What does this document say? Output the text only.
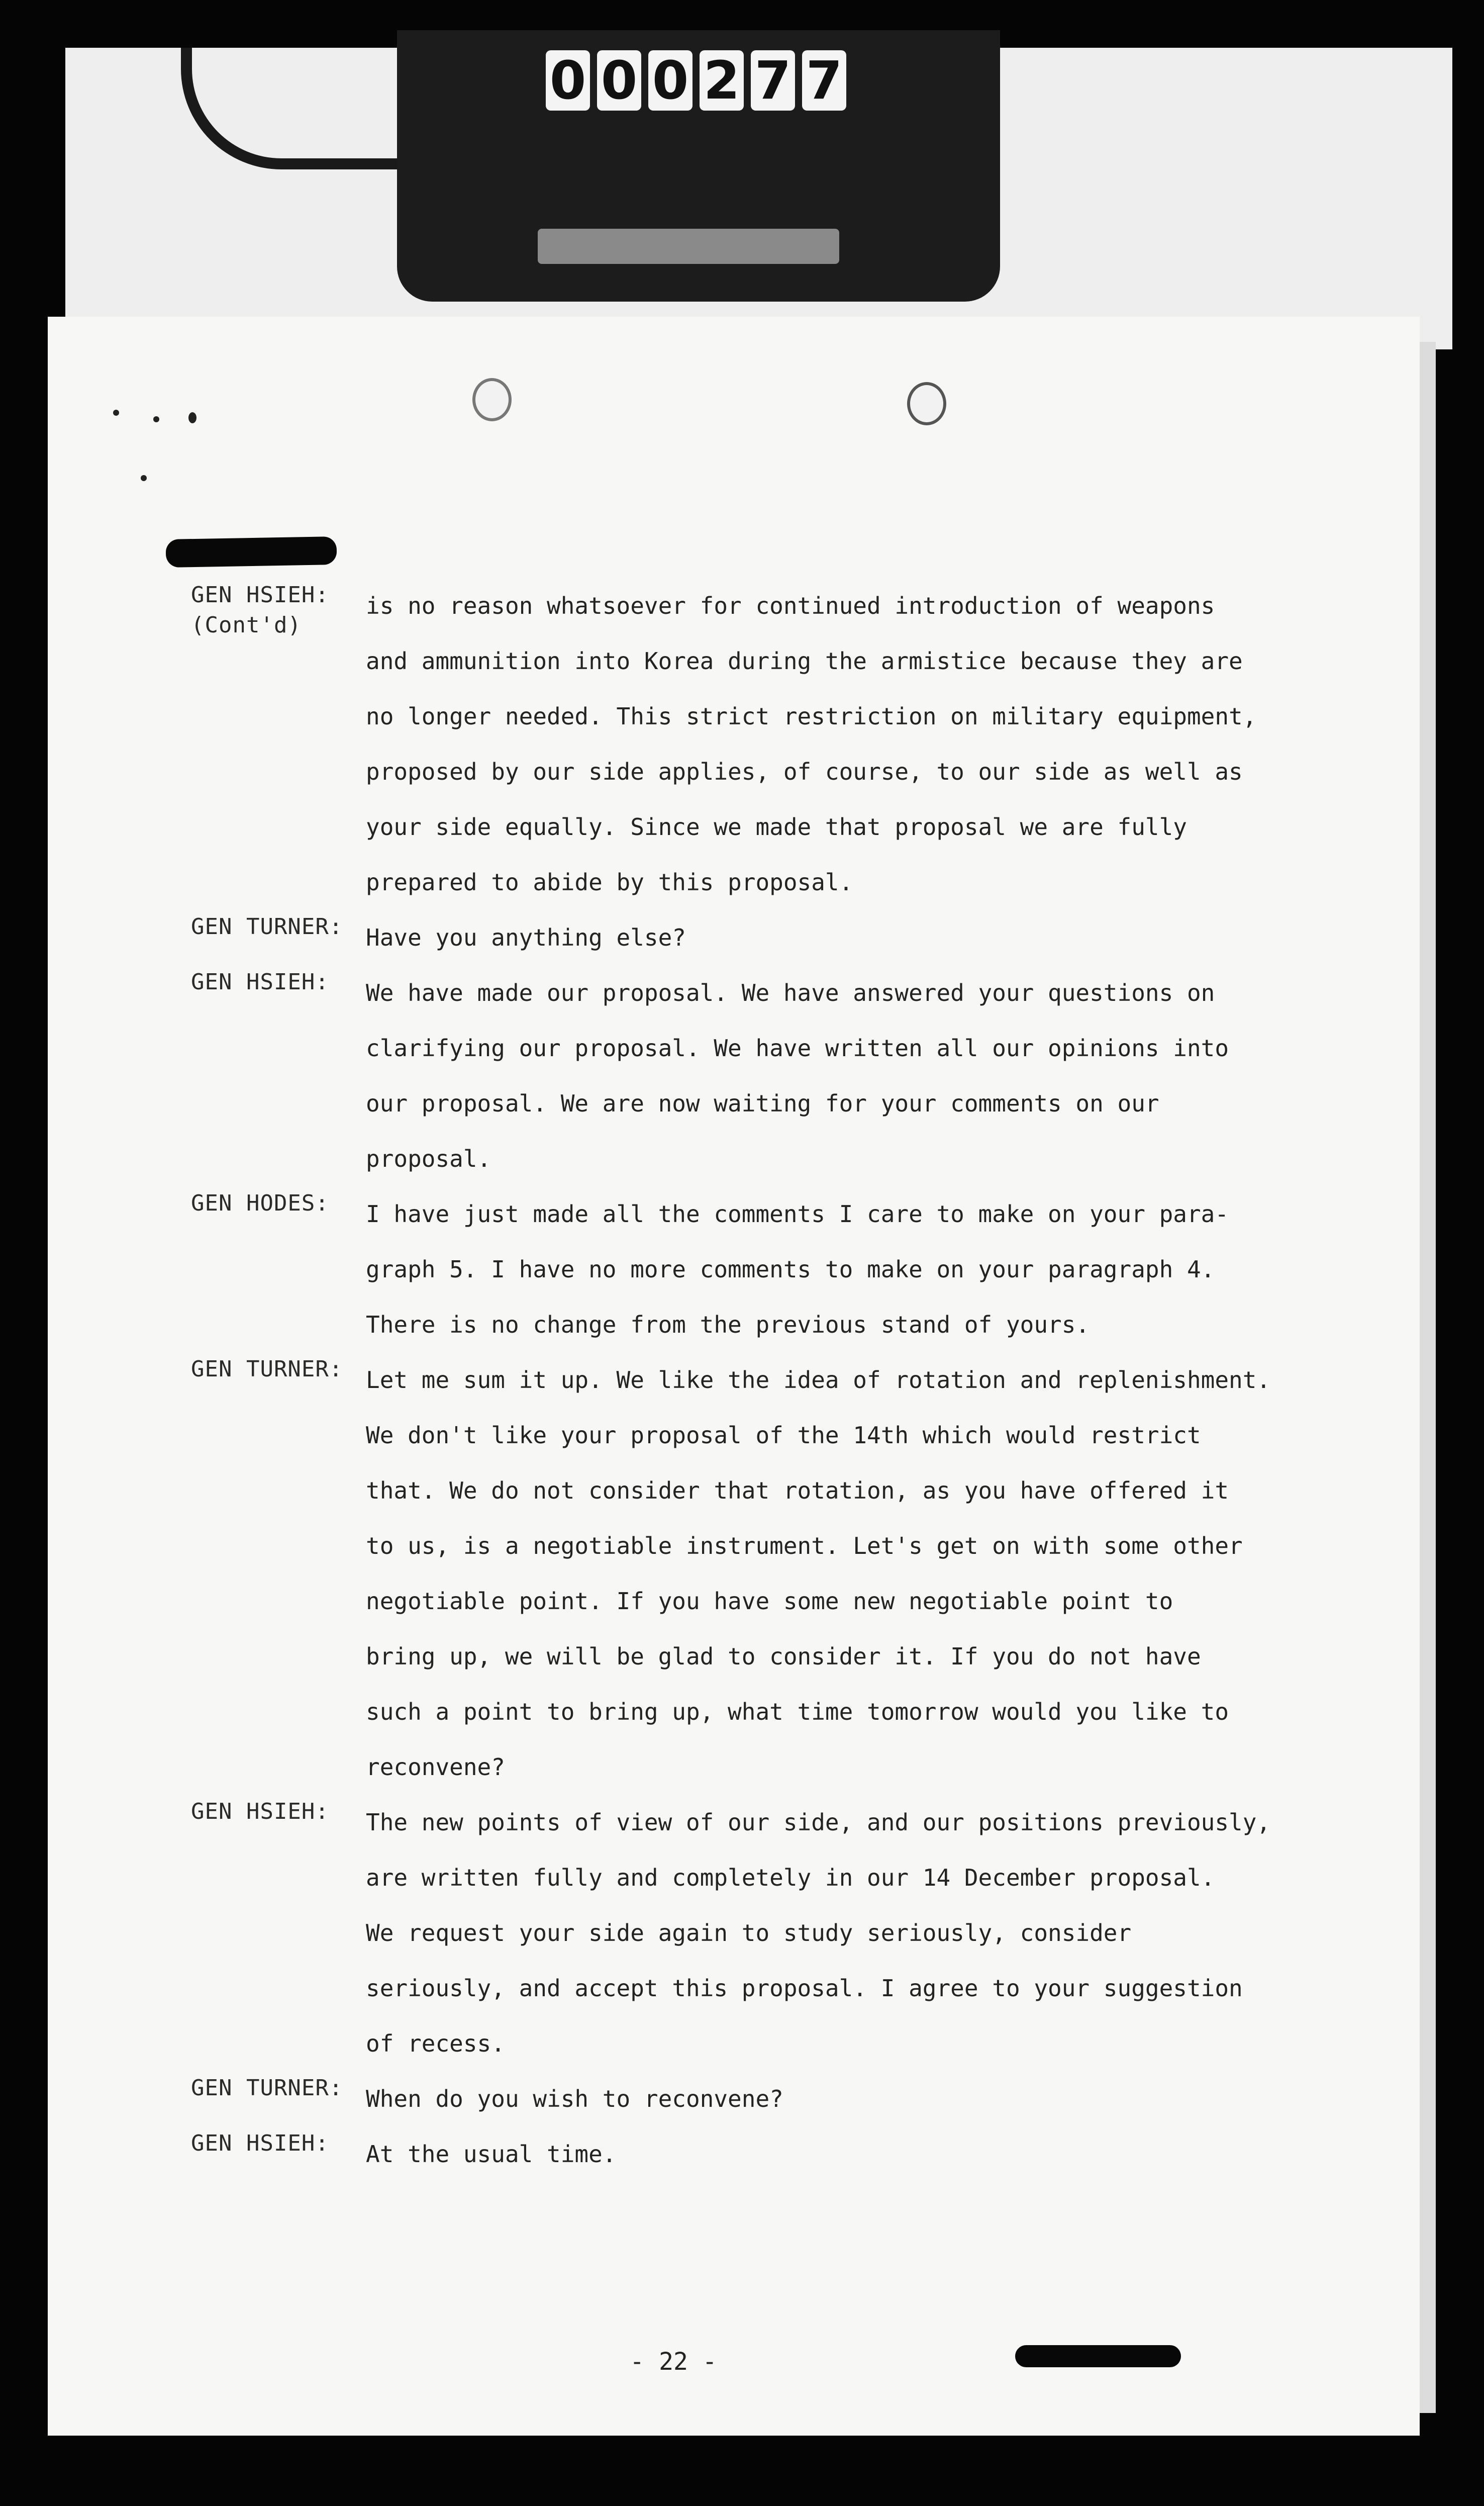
0 0 0 2 7 7
GEN HSIEH:
(Cont'd)
is no reason whatsoever for continued introduction of weapons
and ammunition into Korea during the armistice because they are
no longer needed. This strict restriction on military equipment,
proposed by our side applies, of course, to our side as well as
your side equally. Since we made that proposal we are fully
prepared to abide by this proposal.
GEN TURNER: Have you anything else?
GEN HSIEH:	We have made our proposal. We have answered your questions on
clarifying our proposal. We have written all our opinions into
our proposal. We are now waiting for your comments on our
proposal.
GEN HODES:	I have just made all the comments I care to make on your para-
graph 5. I have no more comments to make on your paragraph 4.
There is no change from the previous stand of yours.
GEN TURNER: Let me sum it up. We like the idea of rotation and replenishment.
We don't like your proposal of the 14th which would restrict
that. We do not consider that rotation, as you have offered it
to us, is a negotiable instrument. Let's get on with some other
negotiable point. If you have some new negotiable point to
bring up, we will be glad to consider it. If you do not have
such a point to bring up, what time tomorrow would you like to
reconvene?
GEN HSIEH:	The new points of view of our side, and our positions previously,
are written fully and completely in our 14 December proposal.
We request your side again to study seriously, consider
seriously, and accept this proposal. I agree to your suggestion
of recess.
GEN TURNER: When do you wish to reconvene?
GEN HSIEH:	At the usual time.
- 22 -
